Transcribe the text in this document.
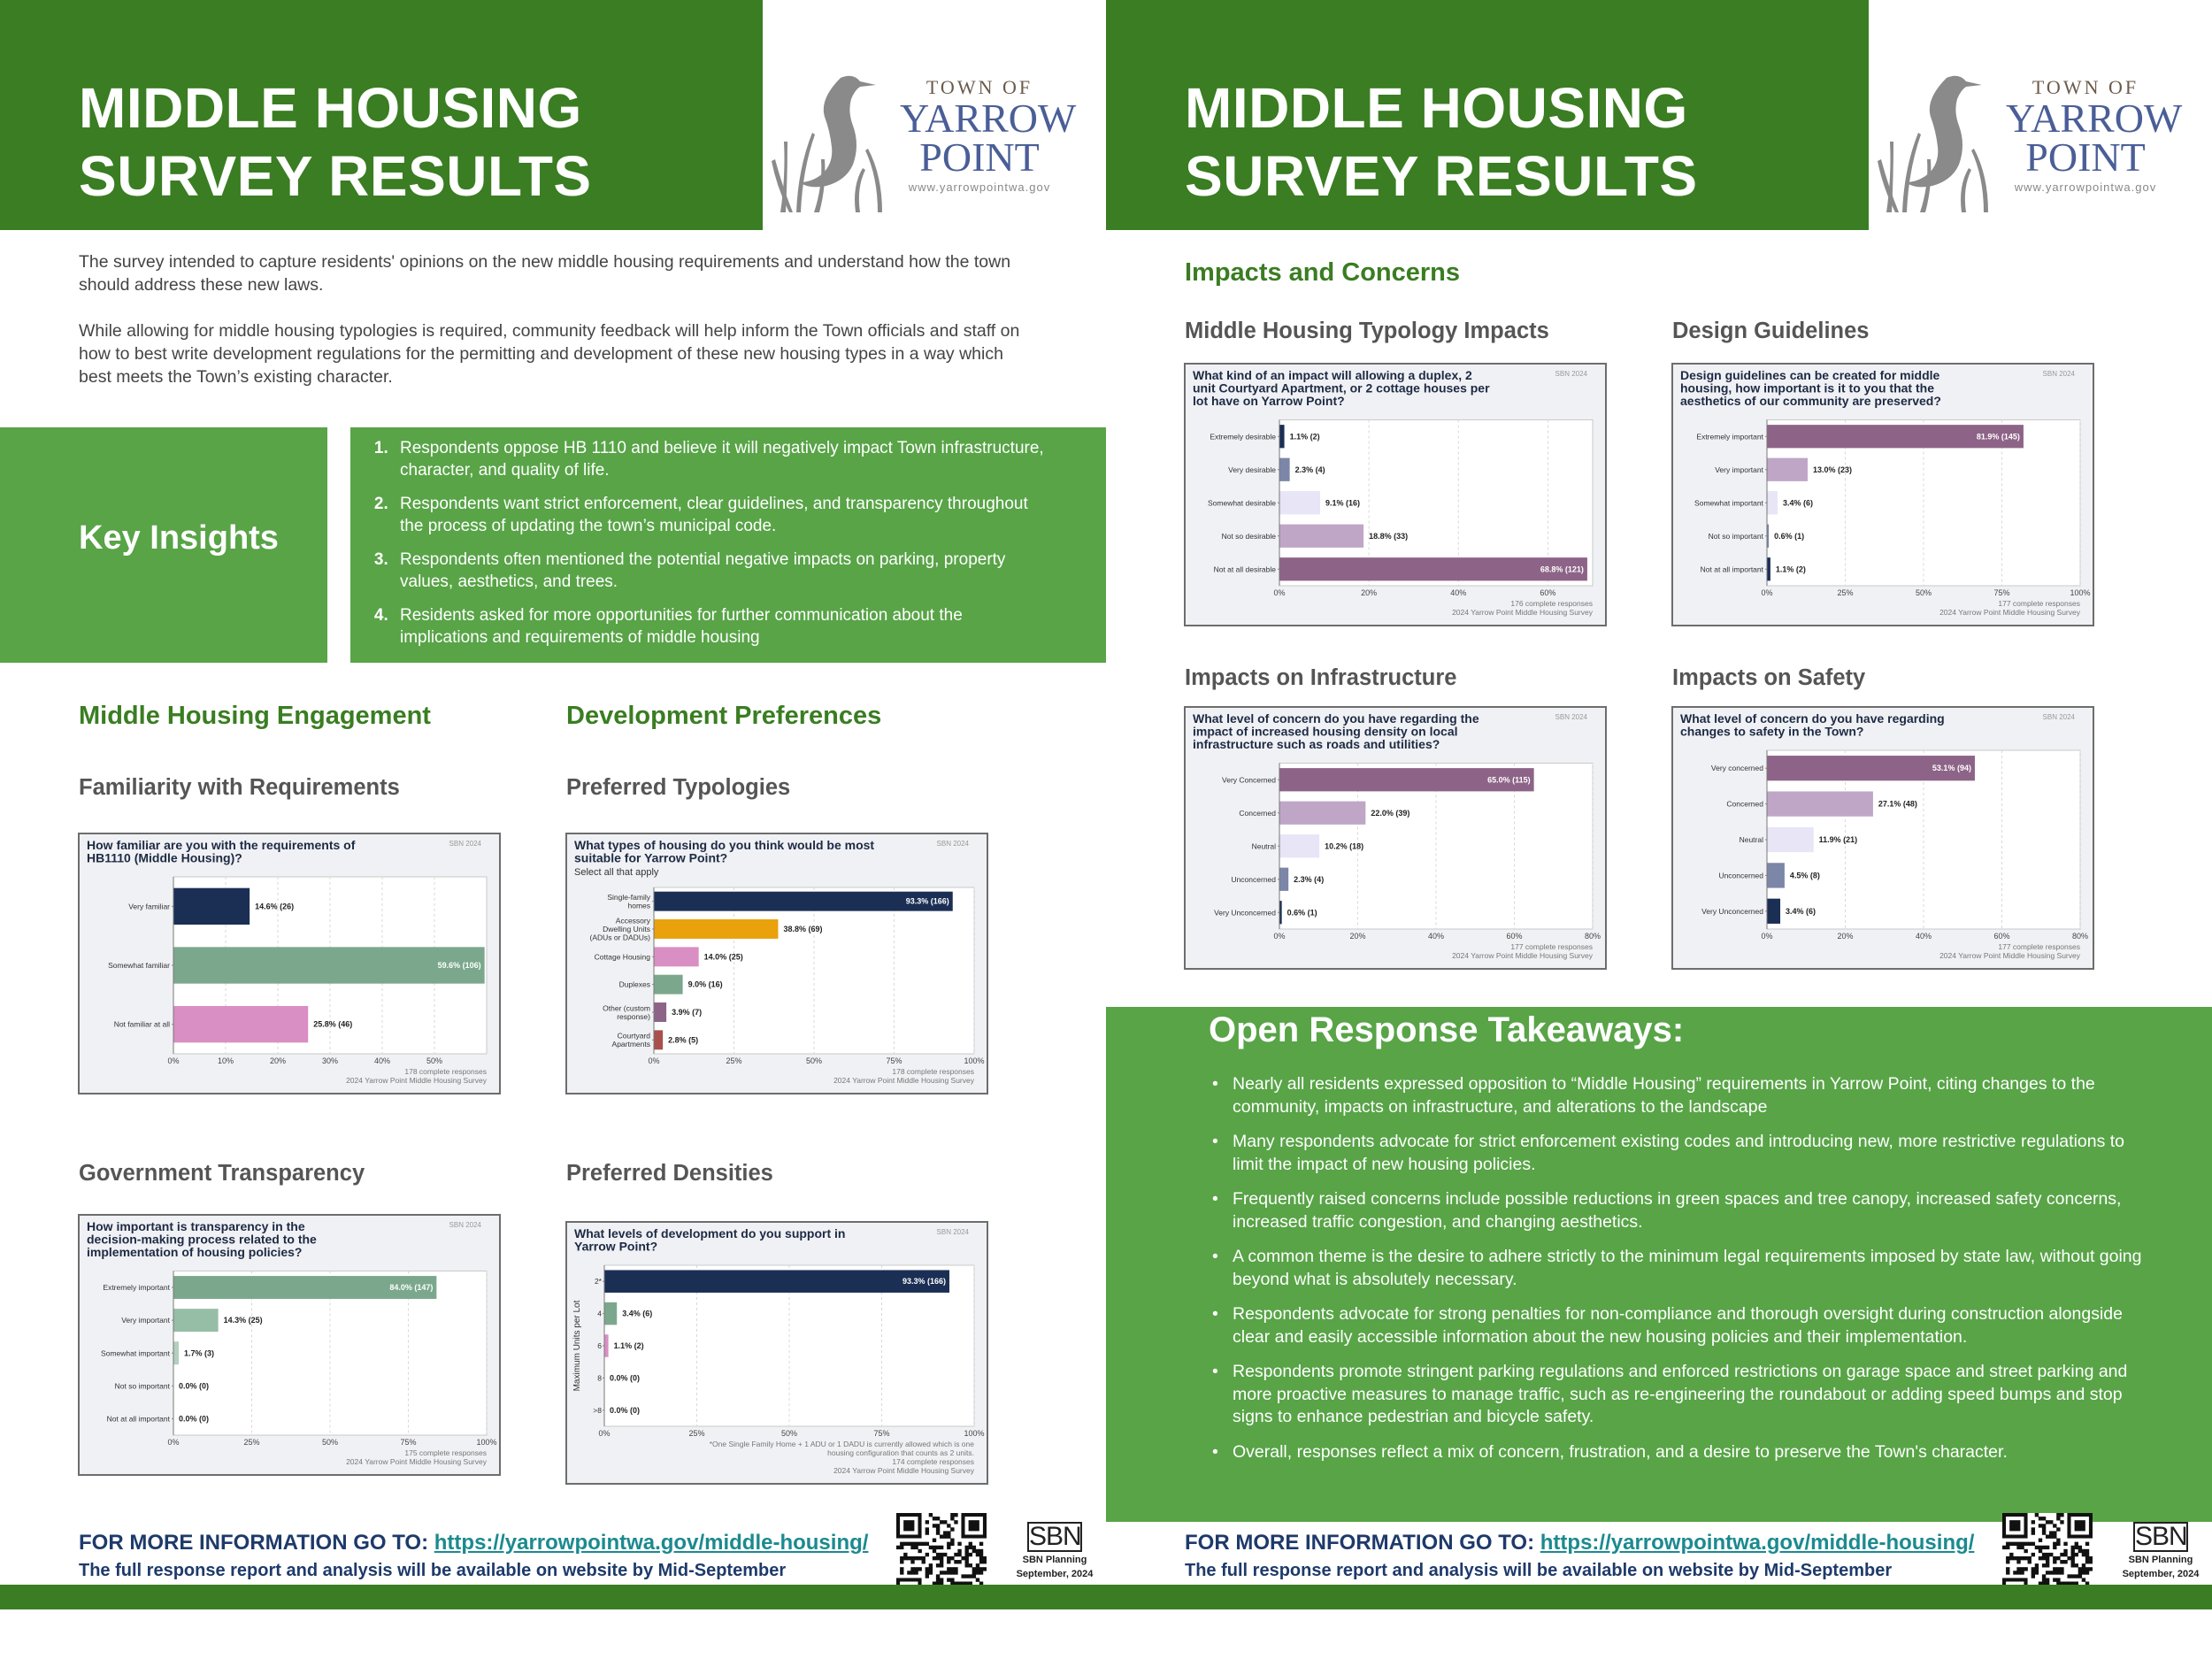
MIDDLE HOUSING
SURVEY RESULTS
TOWN OF
YARROW
POINT
www.yarrowpointwa.gov

The survey intended to capture residents' opinions on the new middle housing requirements and understand how the town should address these new laws.

While allowing for middle housing typologies is required, community feedback will help inform the Town officials and staff on how to best write development regulations for the permitting and development of these new housing types in a way which best meets the Town’s existing character.

Key Insights
1. Respondents oppose HB 1110 and believe it will negatively impact Town infrastructure, character, and quality of life.
2. Respondents want strict enforcement, clear guidelines, and transparency throughout the process of updating the town’s municipal code.
3. Respondents often mentioned the potential negative impacts on parking, property values, aesthetics, and trees.
4. Residents asked for more opportunities for further communication about the implications and requirements of middle housing
Middle Housing Engagement	Development Preferences
Familiarity with Requirements	Preferred Typologies
Government Transparency	Preferred Densities
How familiar are you with the requirements of
HB1110 (Middle Housing)?
SBN 2024
0%	10%	20%	30%	40%	50%
Very familiar	14.6% (26)
Somewhat familiar	59.6% (106)
Not familiar at all	25.8% (46)
178 complete responses
2024 Yarrow Point Middle Housing Survey
What types of housing do you think would be most
suitable for Yarrow Point?
Select all that apply
SBN 2024
0%	25%	50%	75%	100%
Single-family
homes	93.3% (166)
Accessory
Dwelling Units
(ADUs or DADUs)
38.8% (69)
Cottage Housing	14.0% (25)
Duplexes	9.0% (16)
Other (custom
response)	3.9% (7)
Courtyard
Apartments 2.8% (5)
178 complete responses
2024 Yarrow Point Middle Housing Survey
How important is transparency in the
decision-making process related to the
implementation of housing policies?
SBN 2024
0%	25%	50%	75%	100%
Extremely important	84.0% (147)
Very important	14.3% (25)
Somewhat important 1.7% (3)
Not so important 0.0% (0)
Not at all important 0.0% (0)
175 complete responses
2024 Yarrow Point Middle Housing Survey
What levels of development do you support in
Yarrow Point?
SBN 2024
0%	25%	50%	75%	100%
2*	93.3% (166)
4	3.4% (6)
6 1.1% (2)
8 0.0% (0)
>8 0.0% (0)
Maximum Units per Lot
*One Single Family Home + 1 ADU or 1 DADU is currently allowed which is one
housing configuration that counts as 2 units.
174 complete responses
2024 Yarrow Point Middle Housing Survey
MIDDLE HOUSING
SURVEY RESULTS
TOWN OF
YARROW
POINT
www.yarrowpointwa.gov
Impacts and Concerns
Middle Housing Typology Impacts	Design Guidelines
Impacts on Infrastructure	Impacts on Safety
What kind of an impact will allowing a duplex, 2
unit Courtyard Apartment, or 2 cottage houses per
lot have on Yarrow Point?
SBN 2024
0%	20%	40%	60%
Extremely desirable 1.1% (2)
Very desirable 2.3% (4)
Somewhat desirable	9.1% (16)
Not so desirable	18.8% (33)
Not at all desirable	68.8% (121)
176 complete responses
2024 Yarrow Point Middle Housing Survey
Design guidelines can be created for middle
housing, how important is it to you that the
aesthetics of our community are preserved?
SBN 2024
0%	25%	50%	75%	100%
Extremely important	81.9% (145)
Very important	13.0% (23)
Somewhat important 3.4% (6)
Not so important 0.6% (1)
Not at all important 1.1% (2)
177 complete responses
2024 Yarrow Point Middle Housing Survey
What level of concern do you have regarding the
impact of increased housing density on local
infrastructure such as roads and utilities?
SBN 2024
0%	20%	40%	60%	80%
Very Concerned	65.0% (115)
Concerned	22.0% (39)
Neutral	10.2% (18)
Unconcerned 2.3% (4)
Very Unconcerned 0.6% (1)
177 complete responses
2024 Yarrow Point Middle Housing Survey
What level of concern do you have regarding
changes to safety in the Town?
SBN 2024
0%	20%	40%	60%	80%
Very concerned	53.1% (94)
Concerned	27.1% (48)
Neutral	11.9% (21)
Unconcerned	4.5% (8)
Very Unconcerned	3.4% (6)
177 complete responses
2024 Yarrow Point Middle Housing Survey
Open Response Takeaways:
• Nearly all residents expressed opposition to “Middle Housing” requirements in Yarrow Point, citing changes to the community, impacts on infrastructure, and alterations to the landscape
• Many respondents advocate for strict enforcement existing codes and introducing new, more restrictive regulations to limit the impact of new housing policies.
• Frequently raised concerns include possible reductions in green spaces and tree canopy, increased safety concerns, increased traffic congestion, and changing aesthetics.
• A common theme is the desire to adhere strictly to the minimum legal requirements imposed by state law, without going beyond what is absolutely necessary.
• Respondents advocate for strong penalties for non-compliance and thorough oversight during construction alongside clear and easily accessible information about the new housing policies and their implementation.
• Respondents promote stringent parking regulations and enforced restrictions on garage space and street parking and more proactive measures to manage traffic, such as re-engineering the roundabout or adding speed bumps and stop signs to enhance pedestrian and bicycle safety.
• Overall, responses reflect a mix of concern, frustration, and a desire to preserve the Town's character.
FOR MORE INFORMATION GO TO: https://yarrowpointwa.gov/middle-housing/
The full response report and analysis will be available on website by Mid-September
SBN
SBN Planning
September, 2024
FOR MORE INFORMATION GO TO: https://yarrowpointwa.gov/middle-housing/
The full response report and analysis will be available on website by Mid-September
SBN
SBN Planning
September, 2024
